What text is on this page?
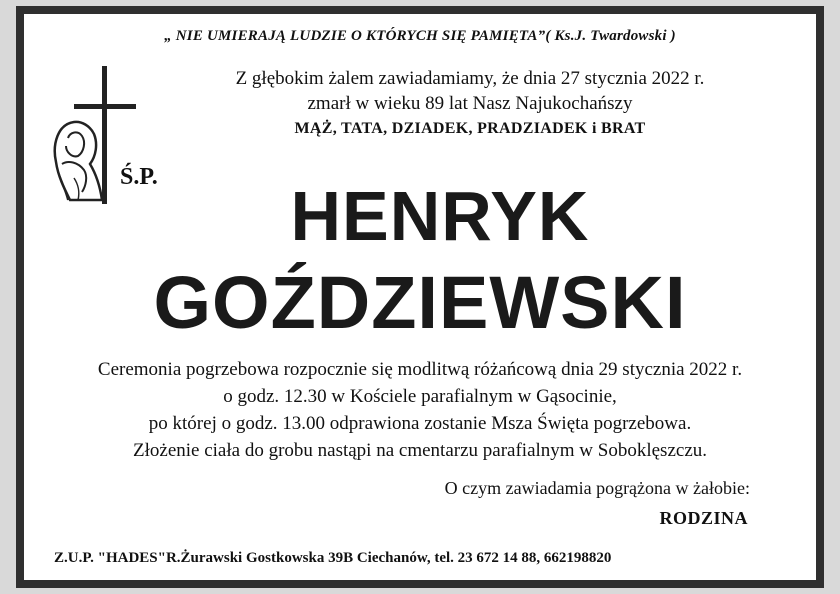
„ NIE UMIERAJĄ LUDZIE O KTÓRYCH SIĘ PAMIĘTA”( Ks.J. Twardowski )
Ś.P.
Z głębokim żalem zawiadamiamy, że dnia 27 stycznia 2022 r.
zmarł w wieku 89 lat Nasz Najukochańszy
MĄŻ, TATA, DZIADEK, PRADZIADEK i BRAT
HENRYK
GOŹDZIEWSKI
Ceremonia pogrzebowa rozpocznie się modlitwą różańcową dnia 29 stycznia 2022 r.
o godz. 12.30 w Kościele parafialnym w Gąsocinie,
po której o godz. 13.00 odprawiona zostanie Msza Święta pogrzebowa.
Złożenie ciała do grobu nastąpi na cmentarzu parafialnym w Soboklęszczu.
O czym zawiadamia pogrążona w żałobie:
RODZINA
Z.U.P. "HADES"R.Żurawski Gostkowska 39B Ciechanów, tel. 23 672 14 88, 662198820
